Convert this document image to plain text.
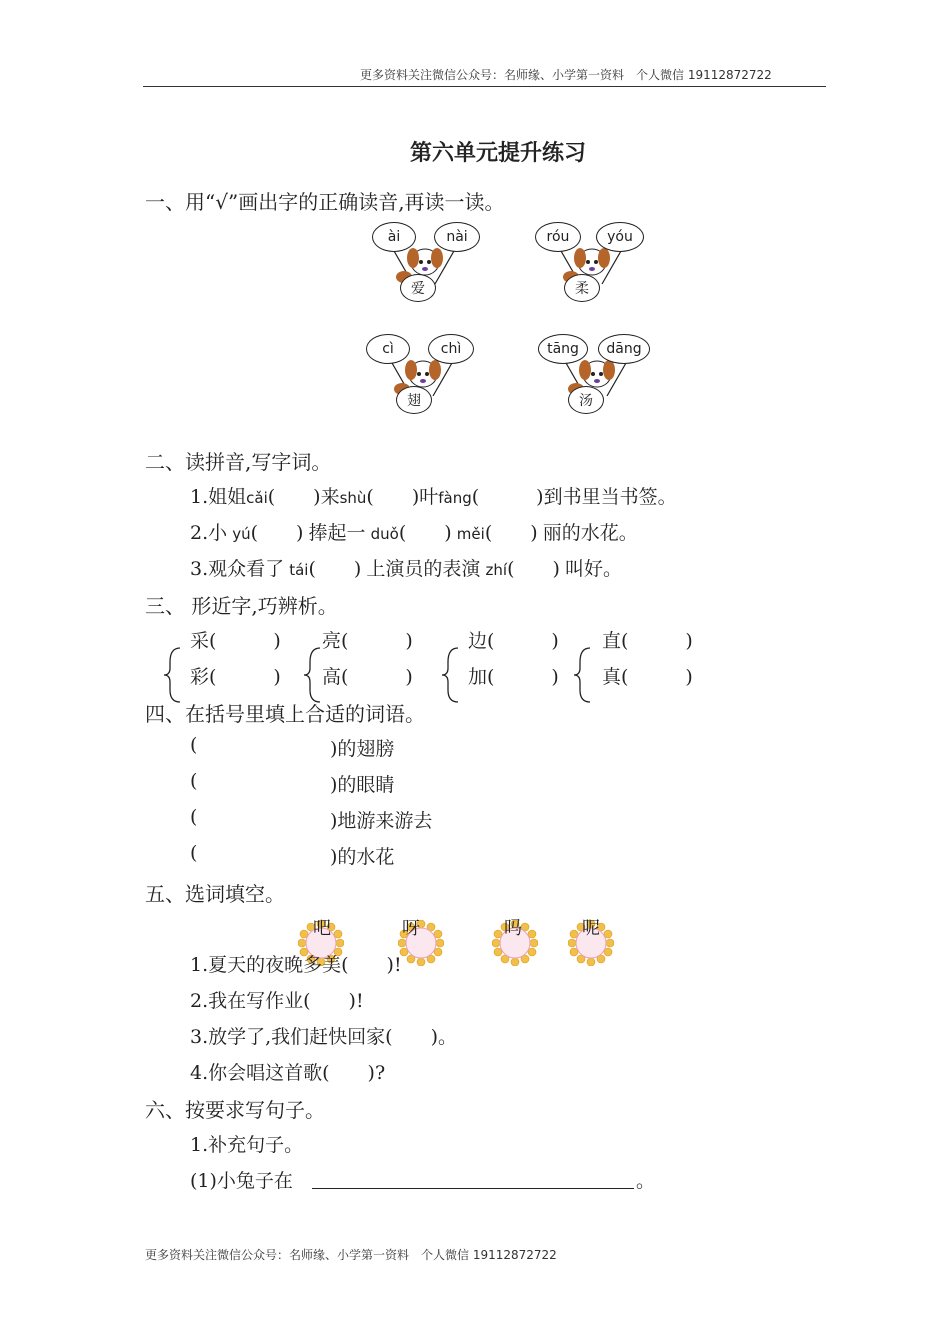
更多资料关注微信公众号：名师缘、小学第一资料　个人微信 19112872722
第六单元提升练习
一、用“√”画出字的正确读音,再读一读。
ài	nài
爱
róu	yóu
柔
cì	chì
翅
tāng	dāng
汤
二、读拼音,写字词。
1.姐姐cǎi(　　)来shù(　　)叶fàng(　　　)到书里当书签。
2.小 yú(　　) 捧起一 duǒ(　　) měi(　　) 丽的水花。
3.观众看了 tái(　　) 上演员的表演 zhí(　　) 叫好。
三、 形近字,巧辨析。
采(　　　)
彩(　　　)
亮(　　　)
高(　　　)
边(　　　)
加(　　　)
直(　　　)
真(　　　)
四、在括号里填上合适的词语。
(	)的翅膀
(	)的眼睛
(	)地游来游去
(	)的水花
五、选词填空。
吧	呀	吗	呢
1.夏天的夜晚多美(　　)!
2.我在写作业(　　)!
3.放学了,我们赶快回家(　　)。
4.你会唱这首歌(　　)?
六、按要求写句子。
1.补充句子。
(1)小兔子在	。
更多资料关注微信公众号：名师缘、小学第一资料　个人微信 19112872722
